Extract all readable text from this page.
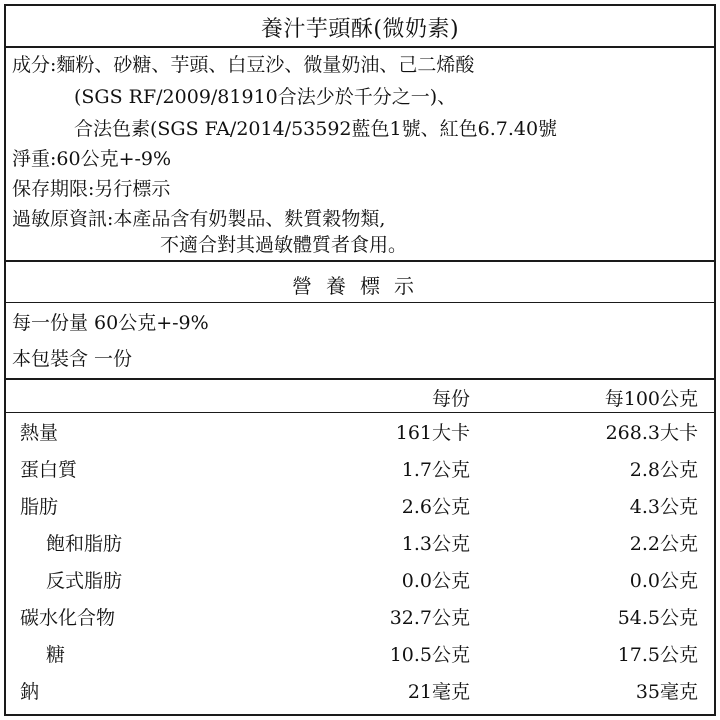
養汁芋頭酥(微奶素)
成分:麵粉、砂糖、芋頭、白豆沙、微量奶油、己二烯酸
(SGS RF/2009/81910合法少於千分之一)、
合法色素(SGS FA/2014/53592藍色1號、紅色6.7.40號
淨重:60公克+-9%
保存期限:另行標示
過敏原資訊:本產品含有奶製品、麩質穀物類,
不適合對其過敏體質者食用。
營養標示
每一份量 60公克+-9%
本包裝含 一份
每份	每100公克
熱量	161大卡	268.3大卡
蛋白質	1.7公克	2.8公克
脂肪	2.6公克	4.3公克
飽和脂肪	1.3公克	2.2公克
反式脂肪	0.0公克	0.0公克
碳水化合物	32.7公克	54.5公克
糖	10.5公克	17.5公克
鈉	21毫克	35毫克
